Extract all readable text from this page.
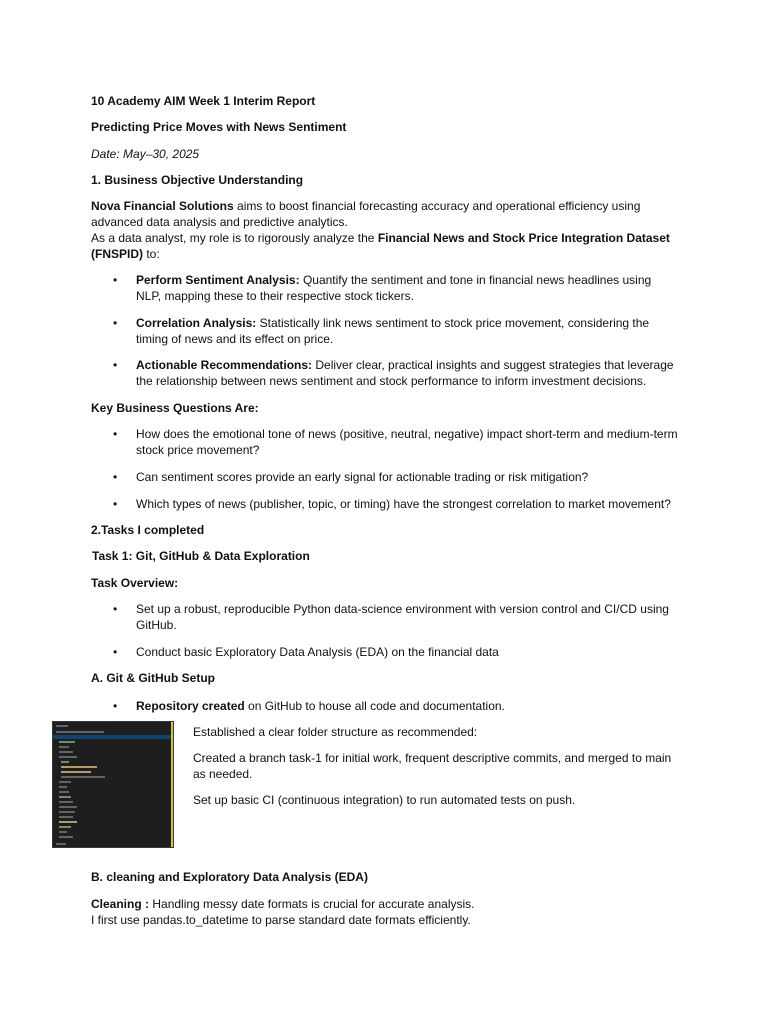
10 Academy AIM Week 1 Interim Report

Predicting Price Moves with News Sentiment

Date: May–30, 2025

1. Business Objective Understanding

Nova Financial Solutions aims to boost financial forecasting accuracy and operational efficiency using advanced data analysis and predictive analytics.

As a data analyst, my role is to rigorously analyze the Financial News and Stock Price Integration Dataset (FNSPID) to:

• Perform Sentiment Analysis: Quantify the sentiment and tone in financial news headlines using NLP, mapping these to their respective stock tickers.

• Correlation Analysis: Statistically link news sentiment to stock price movement, considering the timing of news and its effect on price.

• Actionable Recommendations: Deliver clear, practical insights and suggest strategies that leverage the relationship between news sentiment and stock performance to inform investment decisions.

Key Business Questions Are:

• How does the emotional tone of news (positive, neutral, negative) impact short-term and medium-term stock price movement?

• Can sentiment scores provide an early signal for actionable trading or risk mitigation?

• Which types of news (publisher, topic, or timing) have the strongest correlation to market movement?

2.Tasks I completed

Task 1: Git, GitHub & Data Exploration

Task Overview:

• Set up a robust, reproducible Python data-science environment with version control and CI/CD using GitHub.

• Conduct basic Exploratory Data Analysis (EDA) on the financial data

A. Git & GitHub Setup

• Repository created on GitHub to house all code and documentation.

Established a clear folder structure as recommended:

Created a branch task-1 for initial work, frequent descriptive commits, and merged to main as needed.

Set up basic CI (continuous integration) to run automated tests on push.

B. cleaning and Exploratory Data Analysis (EDA)

Cleaning : Handling messy date formats is crucial for accurate analysis.
I first use pandas.to_datetime to parse standard date formats efficiently.
